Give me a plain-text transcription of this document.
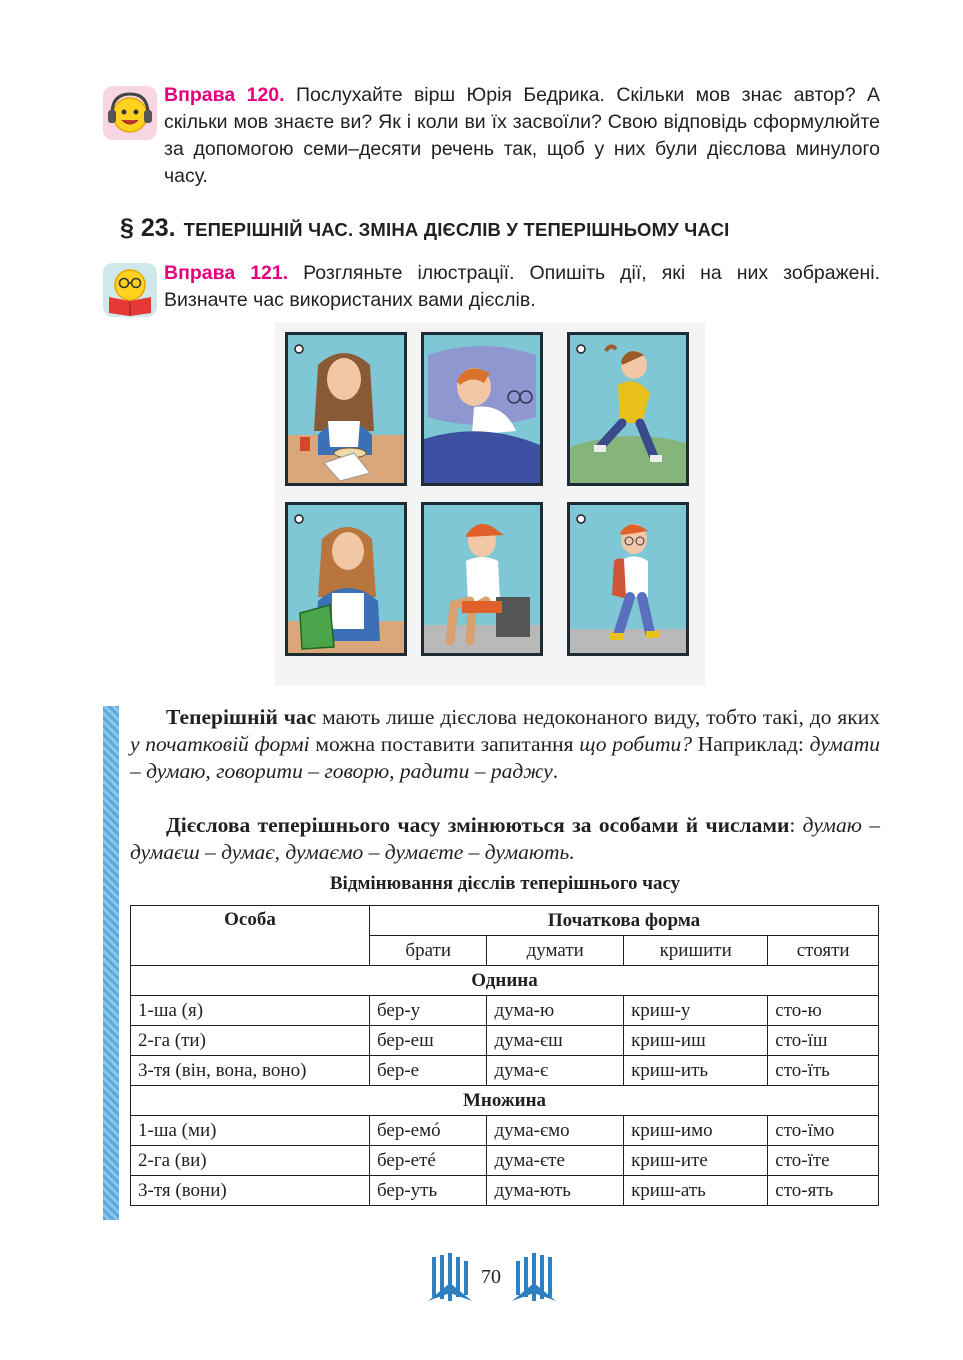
Вправа 120. Послухайте вірш Юрія Бедрика. Скільки мов знає автор? А скільки мов знаєте ви? Як і коли ви їх засвоїли? Свою відповідь сформулюйте за допомогою семи–десяти речень так, щоб у них були дієслова минулого часу.
§ 23. ТЕПЕРІШНІЙ ЧАС. ЗМІНА ДІЄСЛІВ У ТЕПЕРІШНЬОМУ ЧАСІ
Вправа 121. Розгляньте ілюстрації. Опишіть дії, які на них зображені. Визначте час використаних вами дієслів.

Теперішній час мають лише дієслова недоконаного виду, тобто такі, до яких у початковій формі можна поставити запитання що робити? Наприклад: думати – думаю, говорити – говорю, радити – раджу.

Дієслова теперішнього часу змінюються за особами й числами: думаю – думаєш – думає, думаємо – думаєте – думають.

Відмінювання дієслів теперішнього часу
Особа	Початкова форма			
	брати	думати	кришити	стояти
Однина				
1-ша (я)	бер-у	дума-ю	криш-у	сто-ю
2-га (ти)	бер-еш	дума-єш	криш-иш	сто-їш
3-тя (він, вона, воно)	бер-е	дума-є	криш-ить	сто-їть
Множина				
1-ша (ми)	бер-емó	дума-ємо	криш-имо	сто-їмо
2-га (ви)	бер-етé	дума-єте	криш-ите	сто-їте
3-тя (вони)	бер-уть	дума-ють	криш-ать	сто-ять
70
